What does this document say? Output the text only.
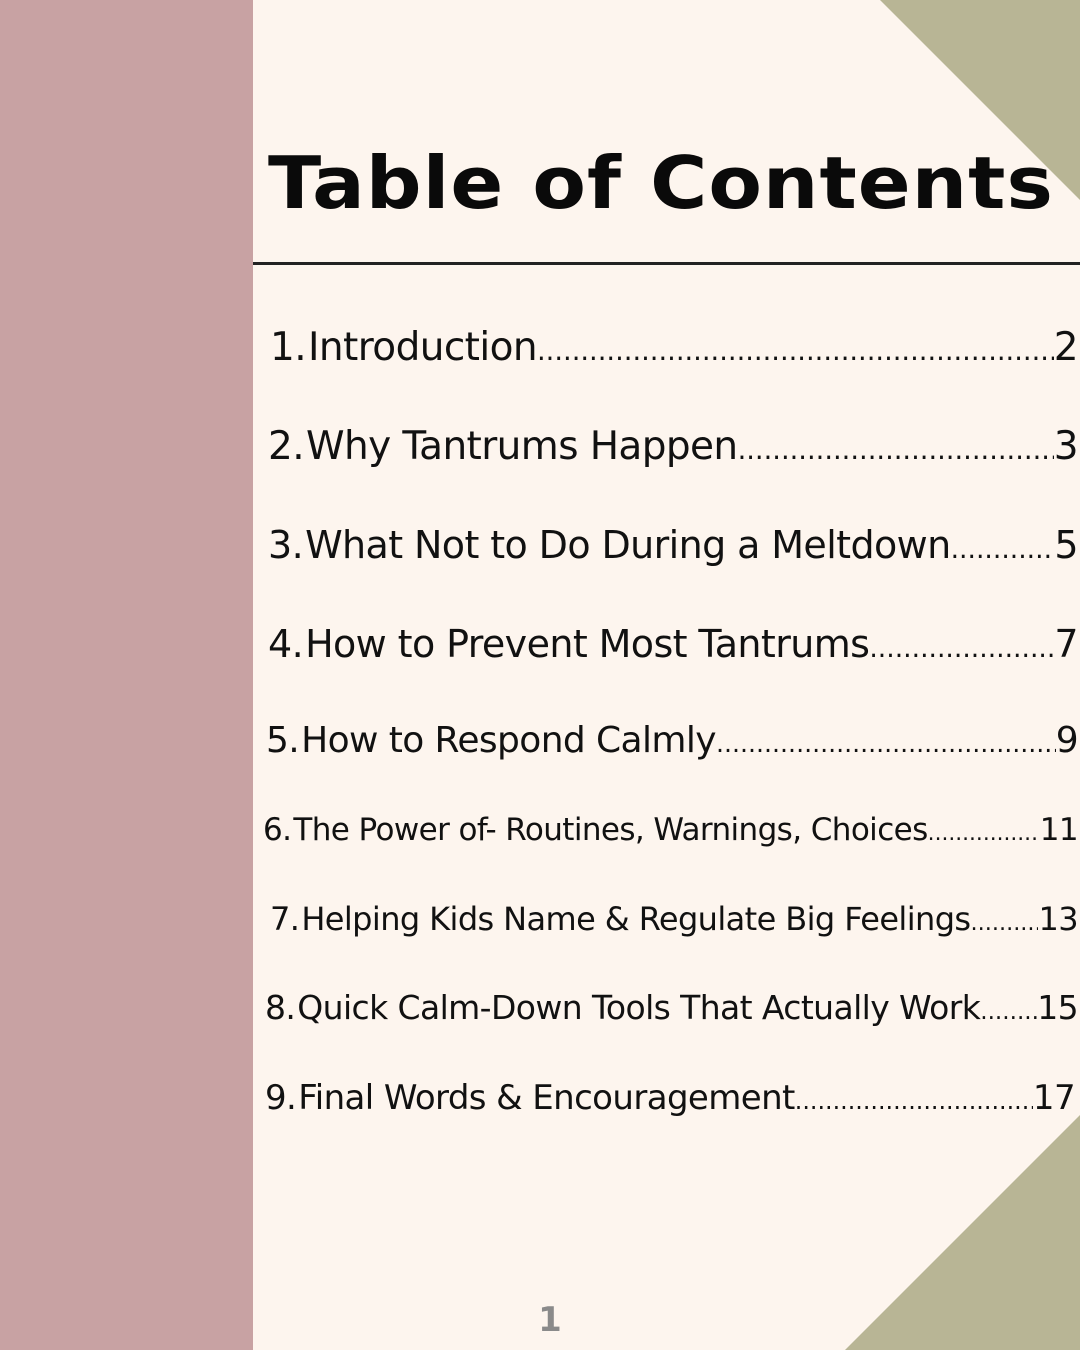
Table of Contents
1. Introduction .....	2
2. Why Tantrums Happen .....	3
3. What Not to Do During a Meltdown .....	5
4. How to Prevent Most Tantrums .....	7
5. How to Respond Calmly .....	9
6. The Power of- Routines, Warnings, Choices .....	11
7. Helping Kids Name & Regulate Big Feelings ..... 13
8. Quick Calm-Down Tools That Actually Work ..... 15
9. Final Words & Encouragement .....	17
1
